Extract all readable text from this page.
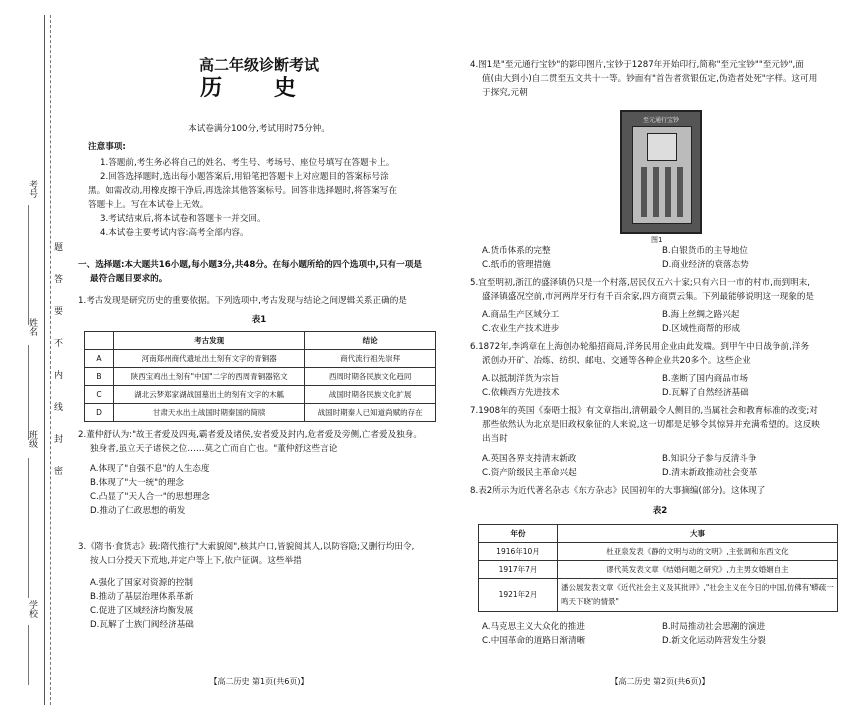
考号
姓名
班级
学校
题
答
要
不
内
线
封
密
高二年级诊断考试
历 史
本试卷满分100分,考试用时75分钟。
注意事项:
1.答题前,考生务必将自己的姓名、考生号、考场号、座位号填写在答题卡上。
2.回答选择题时,选出每小题答案后,用铅笔把答题卡上对应题目的答案标号涂
黑。如需改动,用橡皮擦干净后,再选涂其他答案标号。回答非选择题时,将答案写在
答题卡上。写在本试卷上无效。
3.考试结束后,将本试卷和答题卡一并交回。
4.本试卷主要考试内容:高考全部内容。
一、选择题:本大题共16小题,每小题3分,共48分。在每小题所给的四个选项中,只有一项是
最符合题目要求的。
1.考古发现是研究历史的重要依据。下列选项中,考古发现与结论之间逻辑关系正确的是
表1
	考古发现	结论
A	河南郑州商代遗址出土刻有文字的青铜器	商代流行祖先崇拜
B	陕西宝鸡出土刻有"中国"二字的西周青铜器铭文	西周时期各民族文化趋同
C	湖北云梦郑家湖战国墓出土的刻有文字的木觚	战国时期各民族文化扩展
D	甘肃天水出土战国时期秦国的简牍	战国时期秦人已知道尚赋的存在
2.董仲舒认为:"故王者爱及四夷,霸者爱及诸侯,安者爱及封内,危者爱及旁侧,亡者爱及独身。
独身者,虽立天子诸侯之位……莫之亡而自亡也。"董仲舒这些言论
A.体现了"自强不息"的人生态度
B.体现了"大一统"的理念
C.凸显了"天人合一"的思想理念
D.推动了仁政思想的萌发
3.《隋书·食货志》载:隋代推行"大索貌阅",核其户口,皆貌阅其人,以防容隐;又删行均田令,
按人口分授天下荒地,并定户等上下,依户征调。这些举措
A.强化了国家对资源的控制
B.推动了基层治理体系革新
C.促进了区域经济均衡发展
D.瓦解了士族门阀经济基础
【高二历史 第1页(共6页)】
4.图1是"至元通行宝钞"的影印图片,宝钞于1287年开始印行,简称"至元宝钞""至元钞",面
值(由大到小)自二贯至五文共十一等。钞面有"首告者赏银伍定,伪造者处死"字样。这可用
于探究,元朝
至元通行宝钞
图1
A.货币体系的完整	B.白银货币的主导地位
C.纸币的管理措施	D.商业经济的衰落态势
5.宜至明初,浙江的盛泽镇仍只是一个村落,居民仅五六十家;只有六日一市的村市,而到明末,
盛泽镇盛况空前,市河两岸牙行有千百余家,四方商贾云集。下列最能够说明这一现象的是
A.商品生产区域分工	B.海上丝绸之路兴起
C.农业生产技术进步	D.区域性商帮的形成
6.1872年,李鸿章在上海创办轮船招商局,洋务民用企业由此发端。到甲午中日战争前,洋务
派创办开矿、冶炼、纺织、邮电、交通等各种企业共20多个。这些企业
A.以抵制洋货为宗旨	B.垄断了国内商品市场
C.依赖西方先进技术	D.瓦解了自然经济基础
7.1908年的英国《泰晤士报》有文章指出,清朝最令人侧目的,当属社会和教育标准的改变;对
那些依然认为北京是旧政权象征的人来说,这一切都是足够令其惊异并充满希望的。这反映
出当时
A.英国各界支持清末新政	B.知识分子参与反清斗争
C.资产阶级民主革命兴起	D.清末新政推动社会变革
8.表2所示为近代著名杂志《东方杂志》民国初年的大事摘编(部分)。这体现了
表2
年份	大事
1916年10月	杜亚泉发表《静的文明与动的文明》,主张调和东西文化
1917年7月	谬代英发表文章《结婚问题之研究》,力主男女婚姻自主
1921年2月	潘公展发表文章《近代社会主义及其批评》,"社会主义在今日的中国,仿佛有'蟒疏一鸣天下晓'的情景"
A.马克思主义大众化的推进	B.时局推动社会思潮的演进
C.中国革命的道路日渐清晰	D.新文化运动阵营发生分裂
【高二历史 第2页(共6页)】
